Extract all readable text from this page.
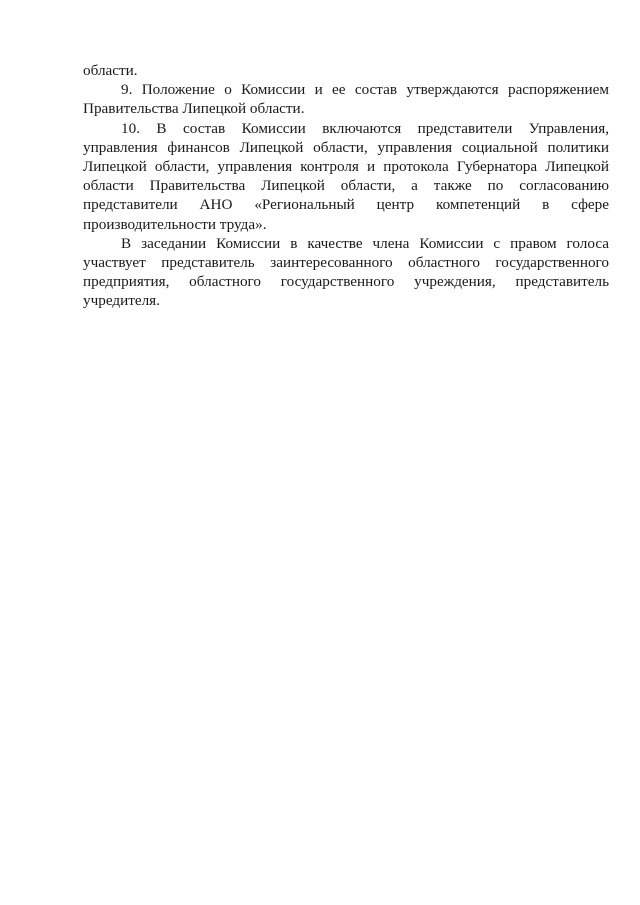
области.

9. Положение о Комиссии и ее состав утверждаются распоряжением Правительства Липецкой области.

10. В состав Комиссии включаются представители Управления, управления финансов Липецкой области, управления социальной политики Липецкой области, управления контроля и протокола Губернатора Липецкой области Правительства Липецкой области, а также по согласованию представители АНО «Региональный центр компетенций в сфере производительности труда».

В заседании Комиссии в качестве члена Комиссии с правом голоса участвует представитель заинтересованного областного государственного предприятия, областного государственного учреждения, представитель учредителя.
